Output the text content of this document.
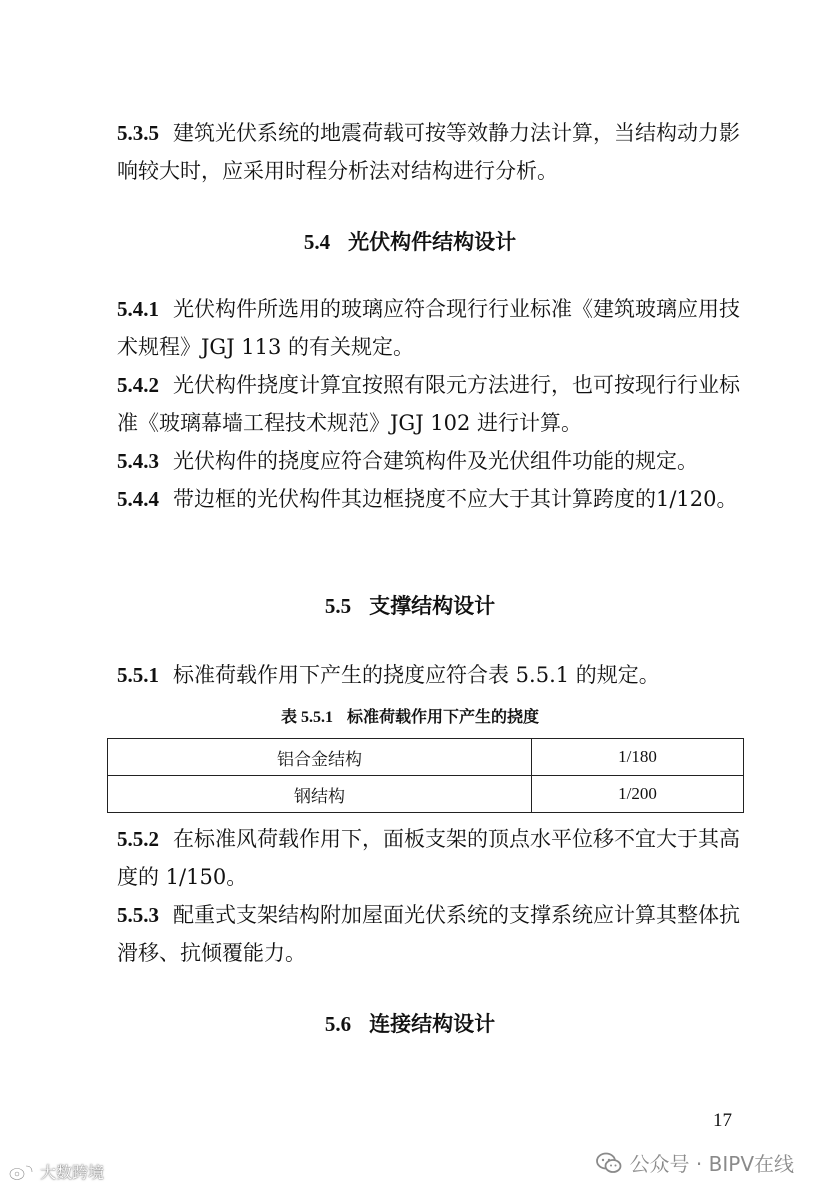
5.3.5 建筑光伏系统的地震荷载可按等效静力法计算，当结构动力影响较大时，应采用时程分析法对结构进行分析。
5.4 光伏构件结构设计
5.4.1 光伏构件所选用的玻璃应符合现行行业标准《建筑玻璃应用技术规程》JGJ 113 的有关规定。
5.4.2 光伏构件挠度计算宜按照有限元方法进行，也可按现行行业标准《玻璃幕墙工程技术规范》JGJ 102 进行计算。
5.4.3 光伏构件的挠度应符合建筑构件及光伏组件功能的规定。
5.4.4 带边框的光伏构件其边框挠度不应大于其计算跨度的1/120。
5.5 支撑结构设计
5.5.1 标准荷载作用下产生的挠度应符合表 5.5.1 的规定。
表 5.5.1 标准荷载作用下产生的挠度
铝合金结构	1/180
钢结构	1/200
5.5.2 在标准风荷载作用下，面板支架的顶点水平位移不宜大于其高度的 1/150。
5.5.3 配重式支架结构附加屋面光伏系统的支撑系统应计算其整体抗滑移、抗倾覆能力。
5.6 连接结构设计
17
公众号 · BIPV在线
大数跨境
